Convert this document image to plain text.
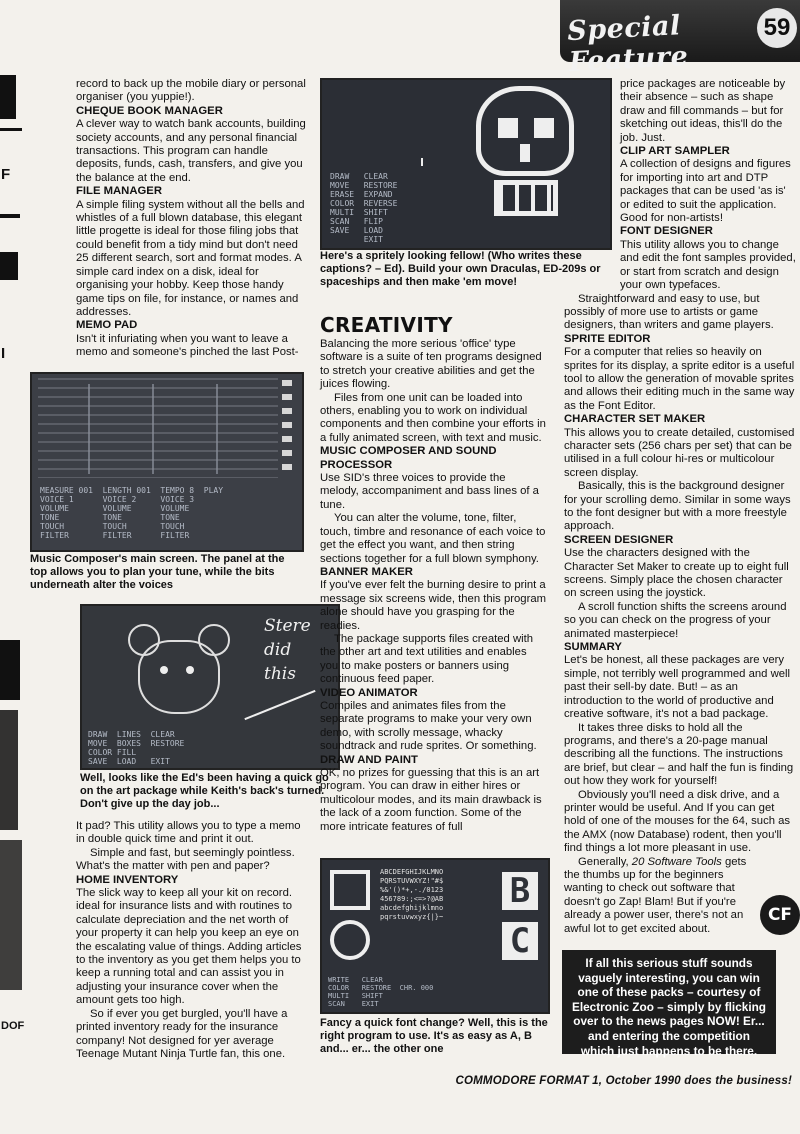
Special Feature
59
F
I
DOF

record to back up the mobile diary or personal organiser (you yuppie!).

CHEQUE BOOK MANAGER

A clever way to watch bank accounts, building society accounts, and any personal financial transactions. This program can handle deposits, funds, cash, transfers, and give you the balance at the end.

FILE MANAGER

A simple filing system without all the bells and whistles of a full blown database, this elegant little progette is ideal for those filing jobs that could benefit from a tidy mind but don't need 25 different search, sort and format modes. A simple card index on a disk, ideal for organising your hobby. Keep those handy game tips on file, for instance, or names and addresses.

MEMO PAD

Isn't it infuriating when you want to leave a memo and someone's pinched the last Post-

MEASURE 001  LENGTH 001  TEMPO 8  PLAY
VOICE 1      VOICE 2     VOICE 3
VOLUME       VOLUME      VOLUME
TONE         TONE        TONE
TOUCH        TOUCH       TOUCH
FILTER       FILTER      FILTER
Music Composer's main screen. The panel at the top allows you to plan your tune, while the bits underneath alter the voices
Stere
did
this
DRAW  LINES  CLEAR
MOVE  BOXES  RESTORE
COLOR FILL
SAVE  LOAD   EXIT
Well, looks like the Ed's been having a quick go on the art package while Keith's back's turned. Don't give up the day job...

It pad? This utility allows you to type a memo in double quick time and print it out.

Simple and fast, but seemingly pointless. What's the matter with pen and paper?

HOME INVENTORY

The slick way to keep all your kit on record. ideal for insurance lists and with routines to calculate depreciation and the net worth of your property it can help you keep an eye on the escalating value of things. Adding articles to the inventory as you get them helps you to keep a running total and can assist you in adjusting your insurance cover when the amount gets too high.

So if ever you get burgled, you'll have a printed inventory ready for the insurance company! Not designed for yer average Teenage Mutant Ninja Turtle fan, this one.

DRAW   CLEAR
MOVE   RESTORE
ERASE  EXPAND
COLOR  REVERSE
MULTI  SHIFT
SCAN   FLIP
SAVE   LOAD
EXIT
Here's a spritely looking fellow! (Who writes these captions? – Ed). Build your own Draculas, ED-209s or spaceships and then make 'em move!
CREATIVITY

Balancing the more serious 'office' type software is a suite of ten programs designed to stretch your creative abilities and get the juices flowing.

Files from one unit can be loaded into others, enabling you to work on individual components and then combine your efforts in a fully animated screen, with text and music.

MUSIC COMPOSER AND SOUND PROCESSOR

Use SID's three voices to provide the melody, accompaniment and bass lines of a tune.

You can alter the volume, tone, filter, touch, timbre and resonance of each voice to get the effect you want, and then string sections together for a full blown symphony.

BANNER MAKER

If you've ever felt the burning desire to print a message six screens wide, then this program alone should have you grasping for the readies.

The package supports files created with the other art and text utilities and enables you to make posters or banners using continuous feed paper.

VIDEO ANIMATOR

Compiles and animates files from the separate programs to make your very own demo, with scrolly message, whacky soundtrack and rude sprites. Or something.

DRAW AND PAINT

OK, no prizes for guessing that this is an art program. You can draw in either hires or multicolour modes, and its main drawback is the lack of a zoom function. Some of the more intricate features of full

ABCDEFGHIJKLMNO
PQRSTUVWXYZ!"#$
%&'()*+,-./0123
456789:;<=>?@AB
abcdefghijklmno
pqrstuvwxyz{|}~
B
C
WRITE   CLEAR
COLOR   RESTORE  CHR. 000
MULTI   SHIFT
SCAN    EXIT
Fancy a quick font change? Well, this is the right program to use. It's as easy as A, B and... er... the other one

price packages are noticeable by their absence – such as shape draw and fill commands – but for sketching out ideas, this'll do the job. Just.

CLIP ART SAMPLER

A collection of designs and figures for importing into art and DTP packages that can be used 'as is' or edited to suit the application. Good for non-artists!

FONT DESIGNER

This utility allows you to change and edit the font samples provided, or start from scratch and design your own typefaces.

Straightforward and easy to use, but possibly of more use to artists or game designers, than writers and game players.

SPRITE EDITOR

For a computer that relies so heavily on sprites for its display, a sprite editor is a useful tool to allow the generation of movable sprites and allows their editing much in the same way as the Font Editor.

CHARACTER SET MAKER

This allows you to create detailed, customised character sets (256 chars per set) that can be utilised in a full colour hi-res or multicolour screen display.

Basically, this is the background designer for your scrolling demo. Similar in some ways to the font designer but with a more freestyle approach.

SCREEN DESIGNER

Use the characters designed with the Character Set Maker to create up to eight full screens. Simply place the chosen character on screen using the joystick.

A scroll function shifts the screens around so you can check on the progress of your animated masterpiece!

SUMMARY

Let's be honest, all these packages are very simple, not terribly well programmed and well past their sell-by date. But! – as an introduction to the world of productive and creative software, it's not a bad package.

It takes three disks to hold all the programs, and there's a 20-page manual describing all the functions. The instructions are brief, but clear – and half the fun is finding out how they work for yourself!

Obviously you'll need a disk drive, and a printer would be useful. And If you can get hold of one of the mouses for the 64, such as the AMX (now Database) rodent, then you'll find things a lot more pleasant in use.

Generally, 20 Software Tools gets the thumbs up for the beginners wanting to check out software that doesn't go Zap! Blam! But if you're already a power user, there's not an awful lot to get excited about.

CF
If all this serious stuff sounds vaguely interesting, you can win one of these packs – courtesy of Electronic Zoo – simply by flicking over to the news pages NOW! Er... and entering the competition which just happens to be there.
COMMODORE FORMAT 1, October 1990 does the business!
